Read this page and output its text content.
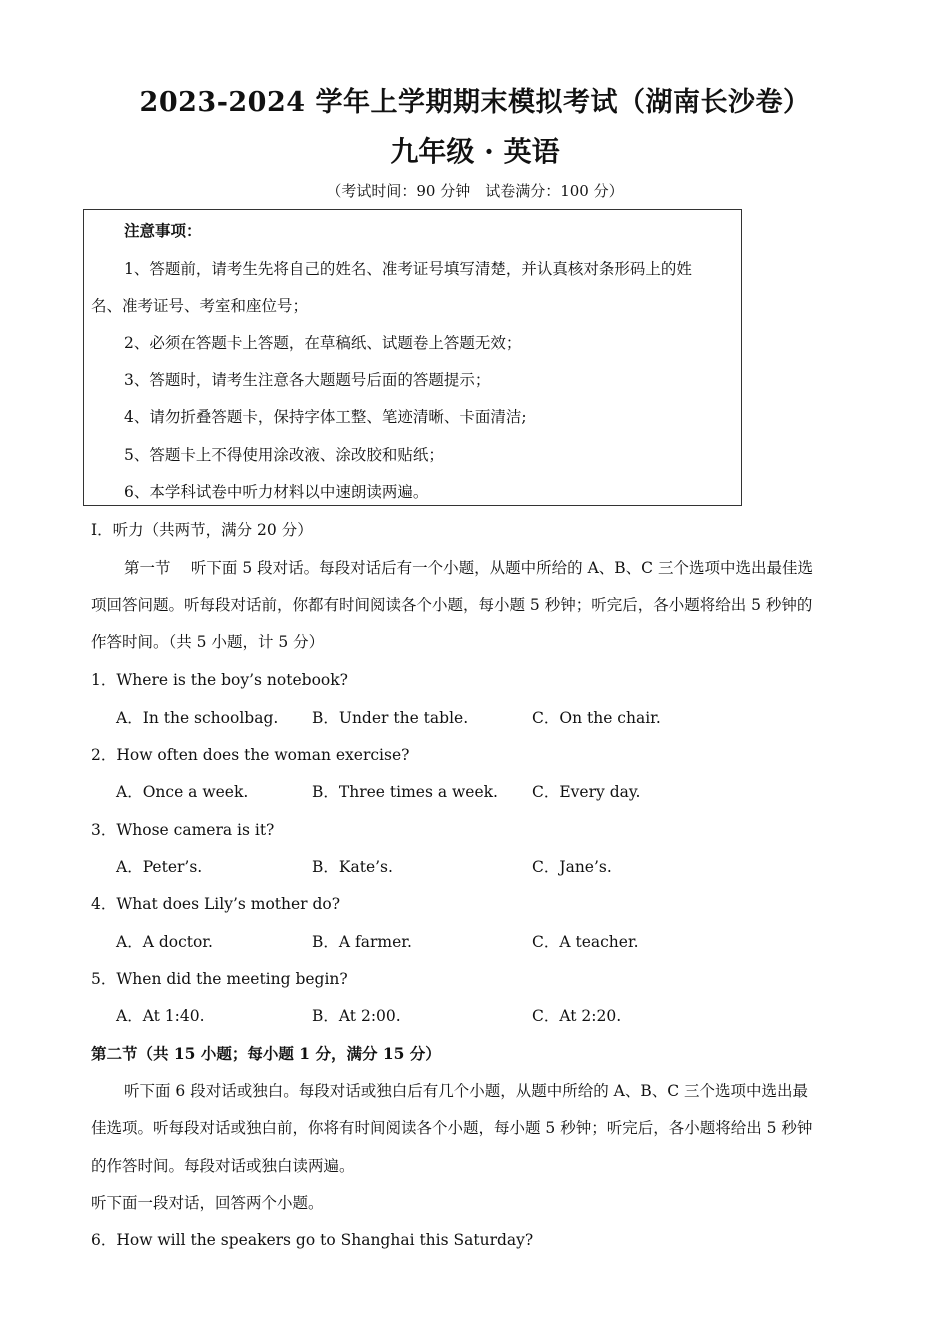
2023-2024 学年上学期期末模拟考试（湖南长沙卷）
九年级 · 英语
（考试时间：90 分钟　试卷满分：100 分）
注意事项：
1、答题前，请考生先将自己的姓名、准考证号填写清楚，并认真核对条形码上的姓
名、准考证号、考室和座位号；
2、必须在答题卡上答题，在草稿纸、试题卷上答题无效；
3、答题时，请考生注意各大题题号后面的答题提示；
4、请勿折叠答题卡，保持字体工整、笔迹清晰、卡面清洁;
5、答题卡上不得使用涂改液、涂改胶和贴纸；
6、本学科试卷中听力材料以中速朗读两遍。
I．听力（共两节，满分 20 分）
第一节　 听下面 5 段对话。每段对话后有一个小题，从题中所给的 A、B、C 三个选项中选出最佳选
项回答问题。听每段对话前，你都有时间阅读各个小题，每小题 5 秒钟；听完后，各小题将给出 5 秒钟的
作答时间。（共 5 小题，计 5 分）
1．Where is the boy’s notebook?
A．In the schoolbag. B．Under the table.	C．On the chair.
2．How often does the woman exercise?
A．Once a week.	B．Three times a week. C．Every day.
3．Whose camera is it?
A．Peter’s.	B．Kate’s.	C．Jane’s.
4．What does Lily’s mother do?
A．A doctor.	B．A farmer.	C．A teacher.
5．When did the meeting begin?
A．At 1:40.	B．At 2:00.	C．At 2:20.
第二节（共 15 小题；每小题 1 分，满分 15 分）
听下面 6 段对话或独白。每段对话或独白后有几个小题，从题中所给的 A、B、C 三个选项中选出最
佳选项。听每段对话或独白前，你将有时间阅读各个小题，每小题 5 秒钟；听完后，各小题将给出 5 秒钟
的作答时间。每段对话或独白读两遍。
听下面一段对话，回答两个小题。
6．How will the speakers go to Shanghai this Saturday?
